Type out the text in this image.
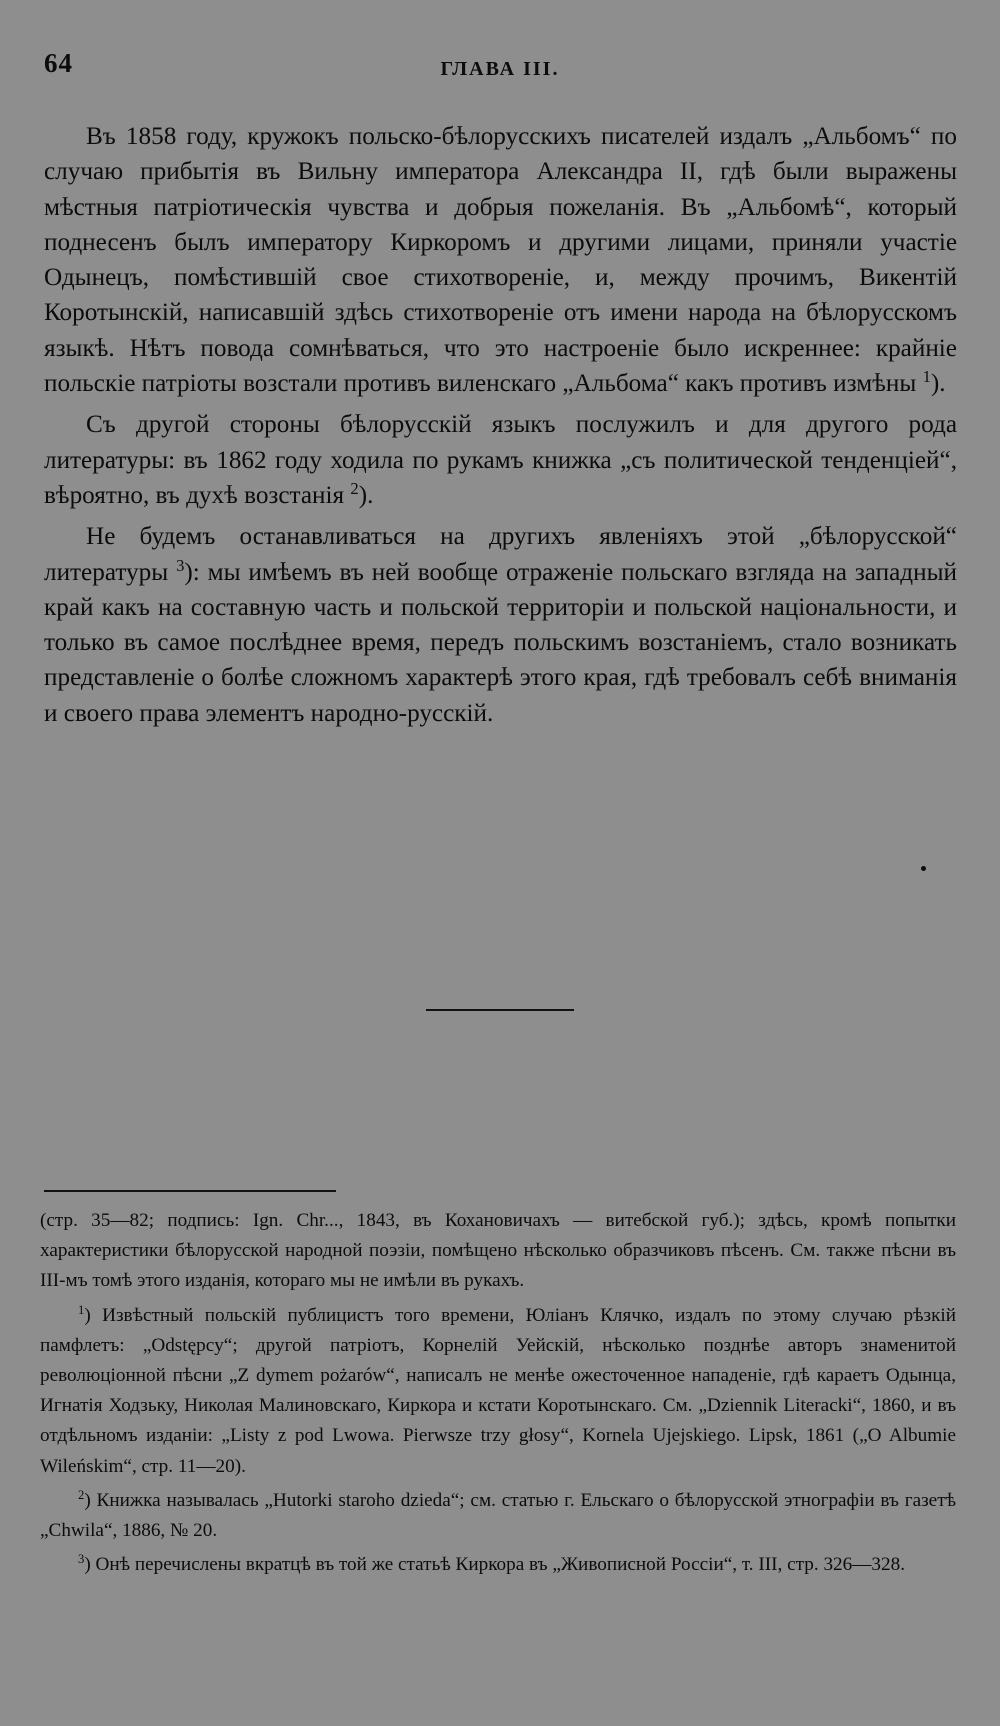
64	ГЛАВА III.

Въ 1858 году, кружокъ польско-бѣлорусскихъ писателей издалъ „Альбомъ“ по случаю прибытія въ Вильну императора Александра II, гдѣ были выражены мѣстныя патріотическія чувства и добрыя пожеланія. Въ „Альбомѣ“, который поднесенъ былъ императору Киркоромъ и другими лицами, приняли участіе Одынецъ, помѣстившій свое стихотвореніе, и, между прочимъ, Викентій Коротынскій, написавшій здѣсь стихотвореніе отъ имени народа на бѣлорусскомъ языкѣ. Нѣтъ повода сомнѣваться, что это настроеніе было искреннее: крайніе польскіе патріоты возстали противъ виленскаго „Альбома“ какъ противъ измѣны $^1$).

Съ другой стороны бѣлорусскій языкъ послужилъ и для другого рода литературы: въ 1862 году ходила по рукамъ книжка „съ политической тенденціей“, вѣроятно, въ духѣ возстанія $^2$).

Не будемъ останавливаться на другихъ явленіяхъ этой „бѣлорусской“ литературы $^3$): мы имѣемъ въ ней вообще отраженіе польскаго взгляда на западный край какъ на составную часть и польской территоріи и польской національности, и только въ самое послѣднее время, передъ польскимъ возстаніемъ, стало возникать представленіе о болѣе сложномъ характерѣ этого края, гдѣ требовалъ себѣ вниманія и своего права элементъ народно-русскій.

(стр. 35—82; подпись: Ign. Chr..., 1843, въ Кохановичахъ — витебской губ.); здѣсь, кромѣ попытки характеристики бѣлорусской народной поэзіи, помѣщено нѣсколько образчиковъ пѣсенъ. См. также пѣсни въ III-мъ томѣ этого изданія, котораго мы не имѣли въ рукахъ.

$^1$) Извѣстный польскій публицистъ того времени, Юліанъ Клячко, издалъ по этому случаю рѣзкій памфлетъ: „Odstępcy“; другой патріотъ, Корнелій Уейскій, нѣсколько позднѣе авторъ знаменитой революціонной пѣсни „Z dymem pożarów“, написалъ не менѣе ожесточенное нападеніе, гдѣ караетъ Одынца, Игнатія Ходзьку, Николая Малиновскаго, Киркора и кстати Коротынскаго. См. „Dziennik Literacki“, 1860, и въ отдѣльномъ изданіи: „Listy z pod Lwowa. Pierwsze trzy głosy“, Kornela Ujejskiego. Lipsk, 1861 („O Albumie Wileńskim“, стр. 11—20).

$^2$) Книжка называлась „Hutorki staroho dzieda“; см. статью г. Ельскаго о бѣлорусской этнографіи въ газетѣ „Chwila“, 1886, № 20.

$^3$) Онѣ перечислены вкратцѣ въ той же статьѣ Киркора въ „Живописной Россіи“, т. III, стр. 326—328.
